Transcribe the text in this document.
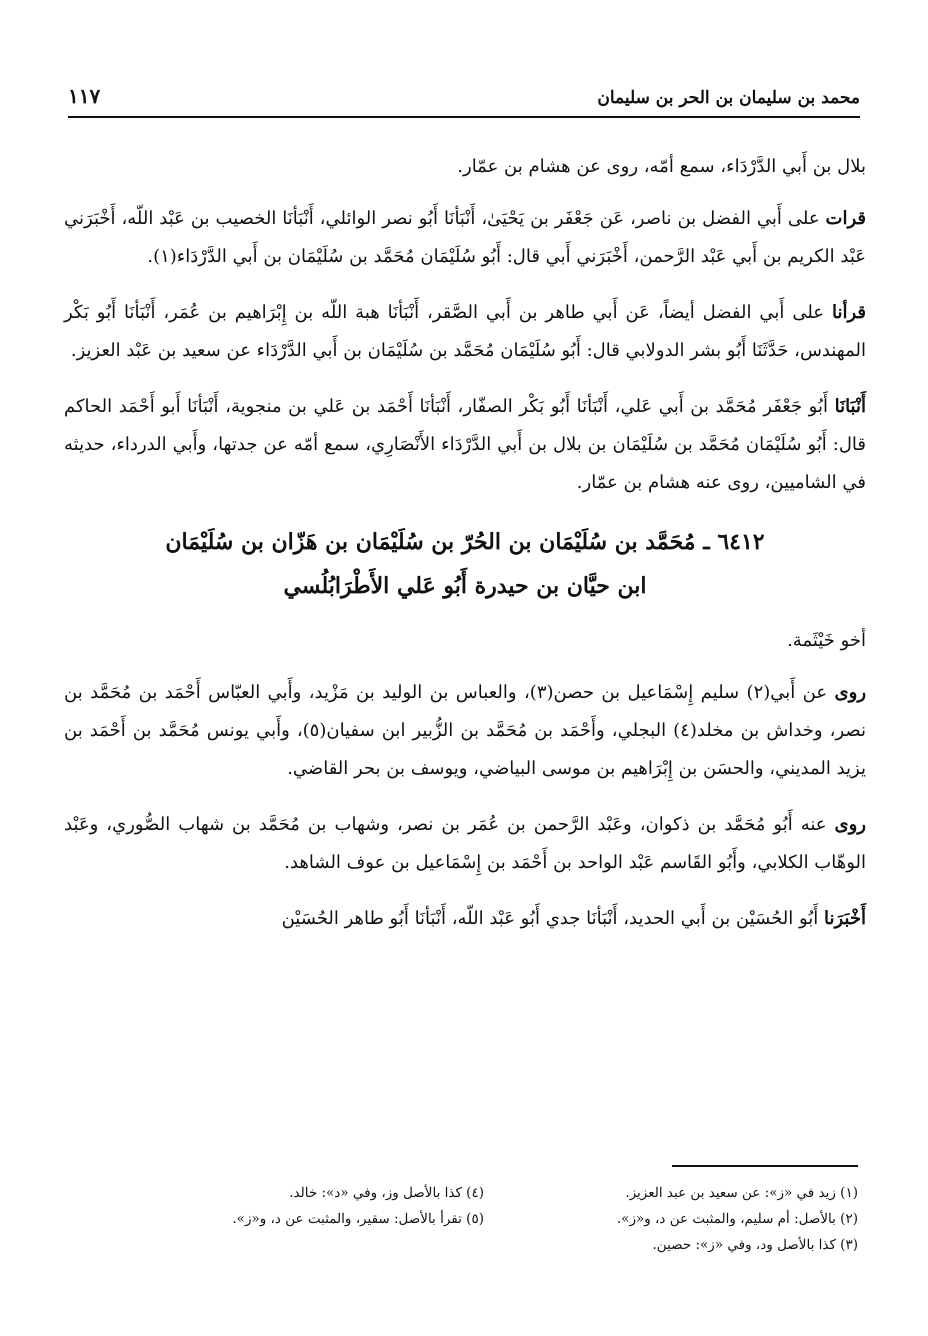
١١٧	محمد بن سليمان بن الحر بن سليمان

بلال بن أَبي الدَّرْدَاء، سمع أمّه، روى عن هشام بن عمّار.

قرات على أَبي الفضل بن ناصر، عَن جَعْفَر بن يَحْيَىٰ، أَنْبَأنَا أَبُو نصر الوائلي، أَنْبَأنَا الخصيب بن عَبْد اللّه، أَخْبَرَني عَبْد الكريم بن أَبي عَبْد الرَّحمن، أَخْبَرَني أَبي قال: أَبُو سُلَيْمَان مُحَمَّد بن سُلَيْمَان بن أَبي الدَّرْدَاء(١).

قرأنا على أَبي الفضل أيضاً، عَن أَبي طاهر بن أَبي الصَّقر، أَنْبَأنَا هبة اللّه بن إِبْرَاهيم بن عُمَر، أَنْبَأنَا أَبُو بَكْر المهندس، حَدَّثَنَا أَبُو بشر الدولابي قال: أَبُو سُلَيْمَان مُحَمَّد بن سُلَيْمَان بن أَبي الدَّرْدَاء عن سعيد بن عَبْد العزيز.

أَنْبَانَا أَبُو جَعْفَر مُحَمَّد بن أَبي عَلي، أَنْبَأنَا أَبُو بَكْر الصفّار، أَنْبَأنَا أَحْمَد بن عَلي بن منجوية، أَنْبَأنَا أَبو أَحْمَد الحاكم قال: أَبُو سُلَيْمَان مُحَمَّد بن سُلَيْمَان بن بلال بن أَبي الدَّرْدَاء الأَنْصَارِي، سمع أمّه عن جدتها، وأَبي الدرداء، حديثه في الشاميين، روى عنه هشام بن عمّار.

٦٤١٢ ـ مُحَمَّد بن سُلَيْمَان بن الحُرّ بن سُلَيْمَان بن هَزّان بن سُلَيْمَان
ابن حيَّان بن حيدرة أَبُو عَلي الأَطْرَابُلُسي

أخو خَيْثَمة.

روى عن أَبي(٢) سليم إِسْمَاعيل بن حصن(٣)، والعباس بن الوليد بن مَزْيد، وأَبي العبّاس أَحْمَد بن مُحَمَّد بن نصر، وخداش بن مخلد(٤) البجلي، وأَحْمَد بن مُحَمَّد بن الزُّبير ابن سفيان(٥)، وأَبي يونس مُحَمَّد بن أَحْمَد بن يزيد المديني، والحسَن بن إِبْرَاهيم بن موسى البياضي، ويوسف بن بحر القاضي.

روى عنه أَبُو مُحَمَّد بن ذكوان، وعَبْد الرَّحمن بن عُمَر بن نصر، وشهاب بن مُحَمَّد بن شهاب الصُّوري، وعَبْد الوهّاب الكلابي، وأَبُو القَاسم عَبْد الواحد بن أَحْمَد بن إِسْمَاعيل بن عوف الشاهد.

أَخْبَرَنا أَبُو الحُسَيْن بن أَبي الحديد، أَنْبَأنَا جدي أَبُو عَبْد اللّه، أَنْبَأنَا أَبُو طاهر الحُسَيْن

(١) زيد في «ز»: عن سعيد بن عبد العزيز.
(٢) بالأصل: أم سليم، والمثبت عن د، و«ز».
(٣) كذا بالأصل ود، وفي «ز»: حصين.
(٤) كذا بالأصل وز، وفي «د»: خالد.
(٥) تقرأ بالأصل: سقير، والمثبت عن د، و«ز».
